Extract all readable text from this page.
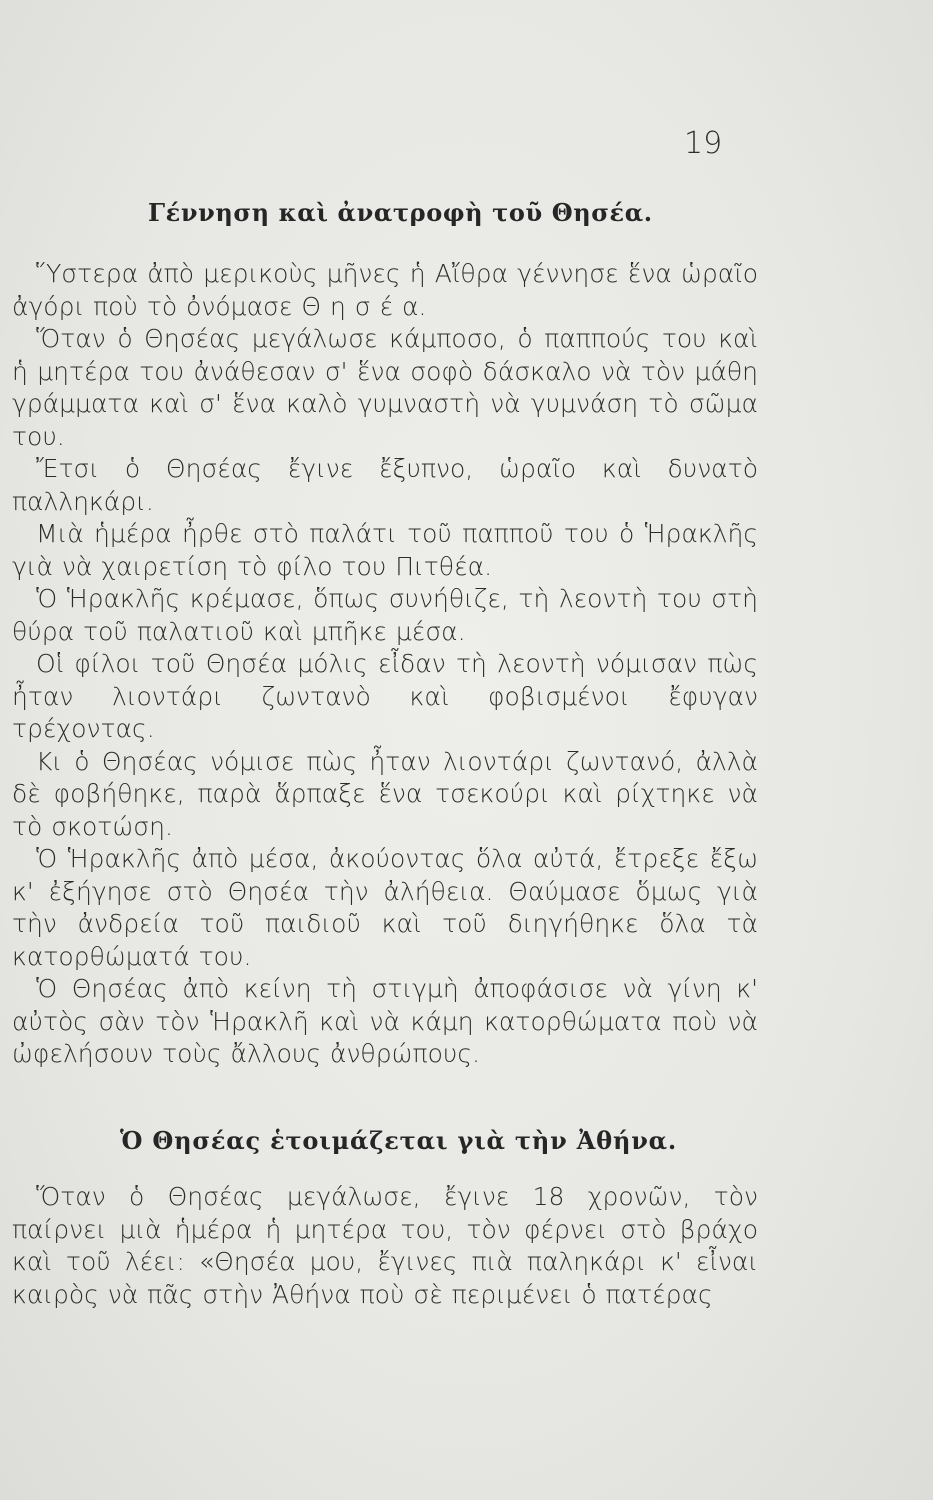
19
Γέννηση καὶ ἀνατροφὴ τοῦ Θησέα.

Ὕστερα ἀπὸ μερικοὺς μῆνες ἡ Αἴθρα γέννησε ἕνα ὡραῖο ἀγόρι ποὺ τὸ ὀνόμασε Θ η σ έ α.

Ὅταν ὁ Θησέας μεγάλωσε κάμποσο, ὁ παππούς του καὶ ἡ μητέρα του ἀνάθεσαν σ' ἕνα σοφὸ δάσκαλο νὰ τὸν μάθη γράμματα καὶ σ' ἕνα καλὸ γυμναστὴ νὰ γυμνάση τὸ σῶμα του.

Ἔτσι ὁ Θησέας ἔγινε ἔξυπνο, ὡραῖο καὶ δυνατὸ παλληκάρι.

Μιὰ ἡμέρα ἦρθε στὸ παλάτι τοῦ παπποῦ του ὁ Ἡρακλῆς γιὰ νὰ χαιρετίση τὸ φίλο του Πιτθέα.

Ὁ Ἡρακλῆς κρέμασε, ὅπως συνήθιζε, τὴ λεοντὴ του στὴ θύρα τοῦ παλατιοῦ καὶ μπῆκε μέσα.

Οἱ φίλοι τοῦ Θησέα μόλις εἶδαν τὴ λεοντὴ νόμισαν πὼς ἦταν λιοντάρι ζωντανὸ καὶ φοβισμένοι ἔφυγαν τρέχοντας.

Κι ὁ Θησέας νόμισε πὼς ἦταν λιοντάρι ζωντανό, ἀλλὰ δὲ φοβήθηκε, παρὰ ἅρπαξε ἕνα τσεκούρι καὶ ρίχτηκε νὰ τὸ σκοτώση.

Ὁ Ἡρακλῆς ἀπὸ μέσα, ἀκούοντας ὅλα αὐτά, ἔτρεξε ἔξω κ' ἐξήγησε στὸ Θησέα τὴν ἀλήθεια. Θαύμασε ὅμως γιὰ τὴν ἀνδρεία τοῦ παιδιοῦ καὶ τοῦ διηγήθηκε ὅλα τὰ κατορθώματά του.

Ὁ Θησέας ἀπὸ κείνη τὴ στιγμὴ ἀποφάσισε νὰ γίνη κ' αὐτὸς σὰν τὸν Ἡρακλῆ καὶ νὰ κάμη κατορθώματα ποὺ νὰ ὠφελήσουν τοὺς ἄλλους ἀνθρώπους.

Ὁ Θησέας ἑτοιμάζεται γιὰ τὴν Ἀθήνα.

Ὅταν ὁ Θησέας μεγάλωσε, ἔγινε 18 χρονῶν, τὸν παίρνει μιὰ ἡμέρα ἡ μητέρα του, τὸν φέρνει στὸ βράχο καὶ τοῦ λέει: «Θησέα μου, ἔγινες πιὰ παληκάρι κ' εἶναι καιρὸς νὰ πᾶς στὴν Ἀθήνα ποὺ σὲ περιμένει ὁ πατέρας
